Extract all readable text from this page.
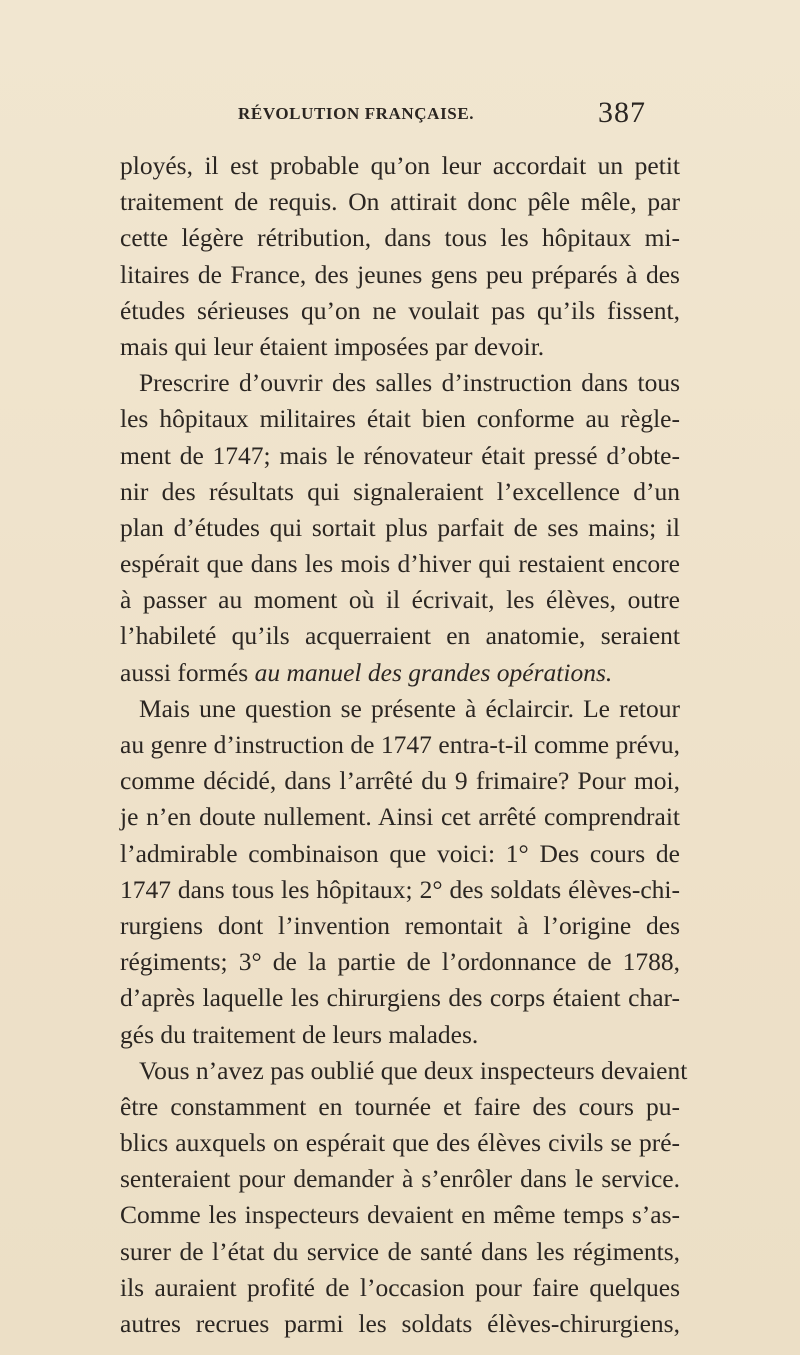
RÉVOLUTION FRANÇAISE.	387
ployés, il est probable qu’on leur accordait un petit
traitement de requis. On attirait donc pêle mêle, par
cette légère rétribution, dans tous les hôpitaux mi-
litaires de France, des jeunes gens peu préparés à des
études sérieuses qu’on ne voulait pas qu’ils fissent,
mais qui leur étaient imposées par devoir.
Prescrire d’ouvrir des salles d’instruction dans tous
les hôpitaux militaires était bien conforme au règle-
ment de 1747; mais le rénovateur était pressé d’obte-
nir des résultats qui signaleraient l’excellence d’un
plan d’études qui sortait plus parfait de ses mains; il
espérait que dans les mois d’hiver qui restaient encore
à passer au moment où il écrivait, les élèves, outre
l’habileté qu’ils acquerraient en anatomie, seraient
aussi formés au manuel des grandes opérations.
Mais une question se présente à éclaircir. Le retour
au genre d’instruction de 1747 entra-t-il comme prévu,
comme décidé, dans l’arrêté du 9 frimaire? Pour moi,
je n’en doute nullement. Ainsi cet arrêté comprendrait
l’admirable combinaison que voici: 1° Des cours de
1747 dans tous les hôpitaux; 2° des soldats élèves-chi-
rurgiens dont l’invention remontait à l’origine des
régiments; 3° de la partie de l’ordonnance de 1788,
d’après laquelle les chirurgiens des corps étaient char-
gés du traitement de leurs malades.
Vous n’avez pas oublié que deux inspecteurs devaient
être constamment en tournée et faire des cours pu-
blics auxquels on espérait que des élèves civils se pré-
senteraient pour demander à s’enrôler dans le service.
Comme les inspecteurs devaient en même temps s’as-
surer de l’état du service de santé dans les régiments,
ils auraient profité de l’occasion pour faire quelques
autres recrues parmi les soldats élèves-chirurgiens,
